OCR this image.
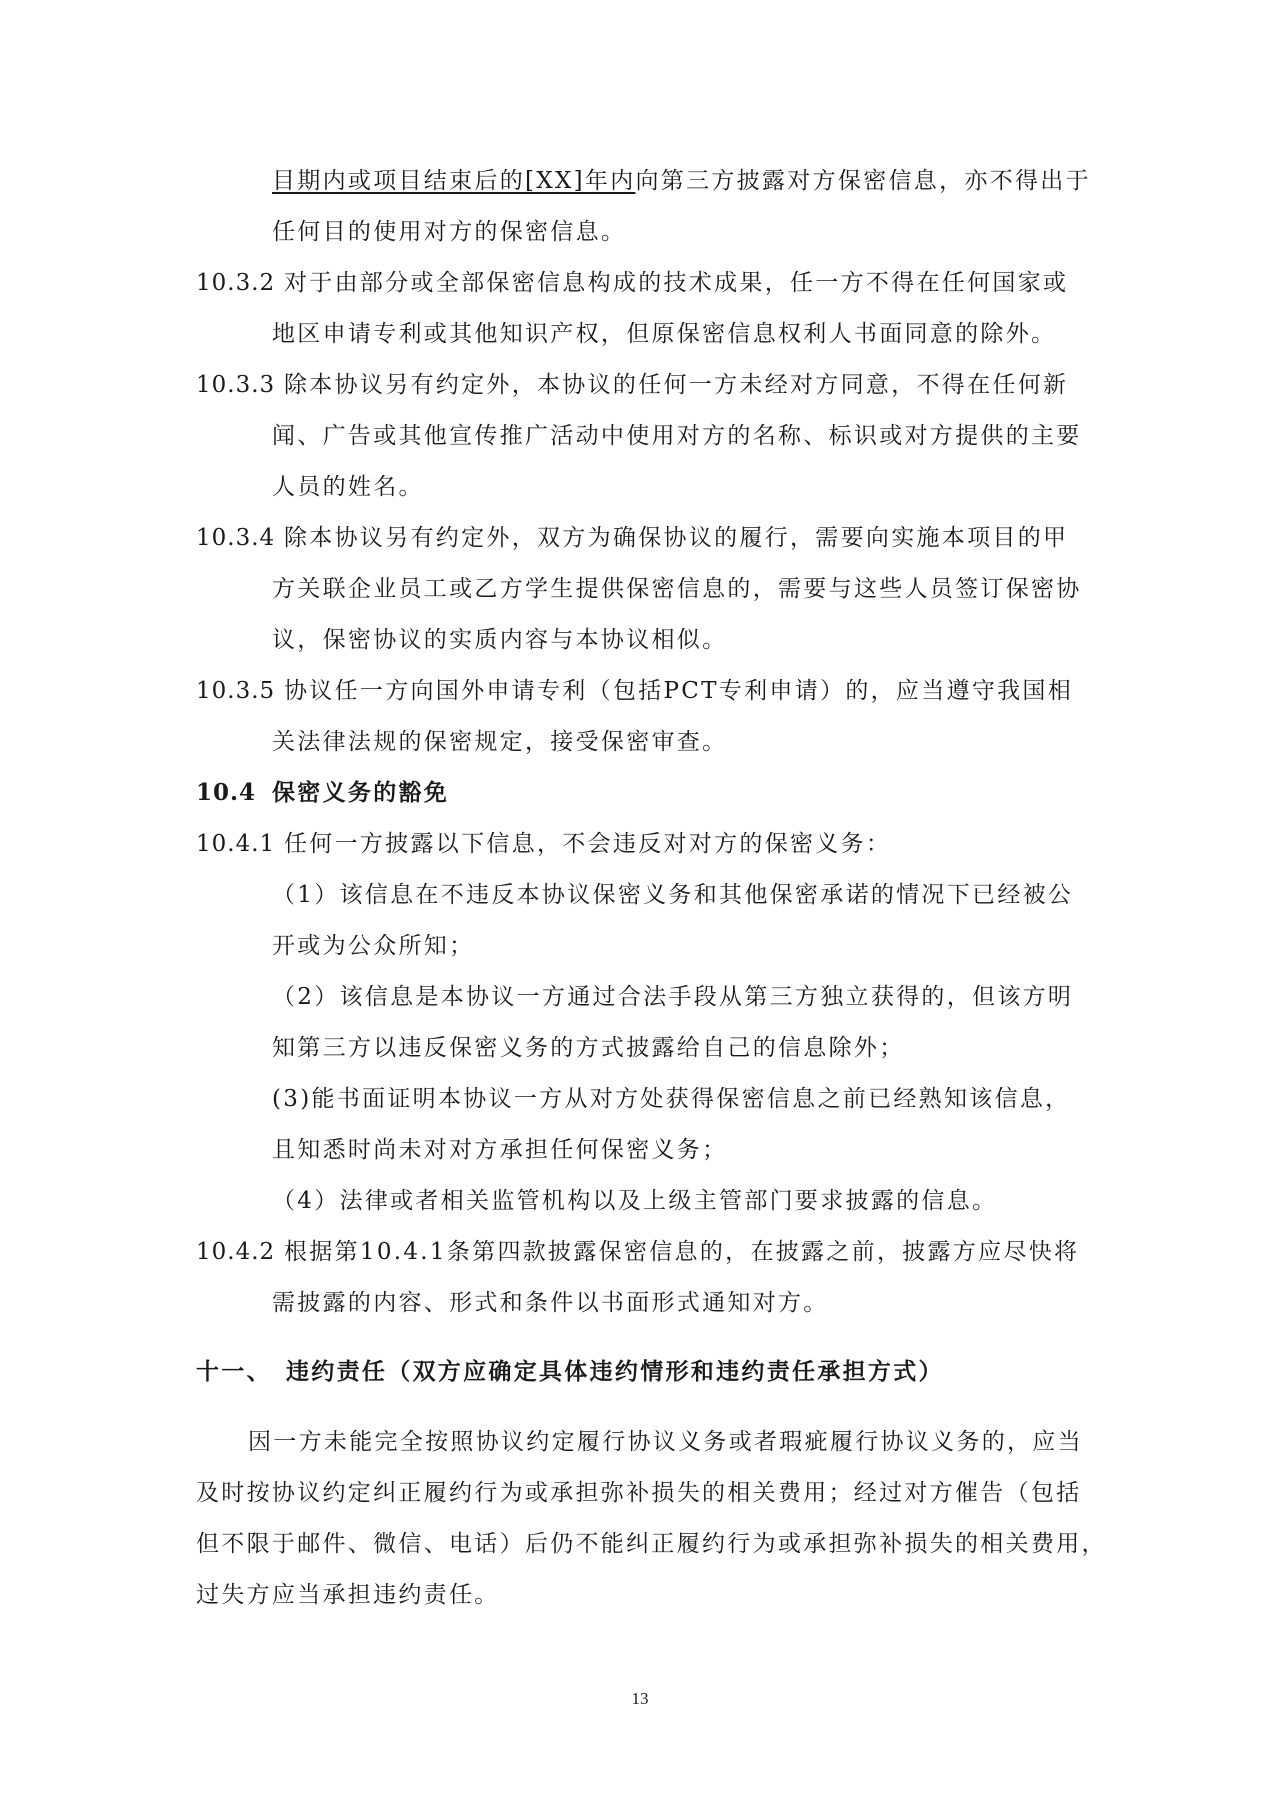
目期内或项目结束后的[XX]年内向第三方披露对方保密信息，亦不得出于
任何目的使用对方的保密信息。
10.3.2 对于由部分或全部保密信息构成的技术成果，任一方不得在任何国家或
地区申请专利或其他知识产权，但原保密信息权利人书面同意的除外。
10.3.3 除本协议另有约定外，本协议的任何一方未经对方同意，不得在任何新
闻、广告或其他宣传推广活动中使用对方的名称、标识或对方提供的主要
人员的姓名。
10.3.4 除本协议另有约定外，双方为确保协议的履行，需要向实施本项目的甲
方关联企业员工或乙方学生提供保密信息的，需要与这些人员签订保密协
议，保密协议的实质内容与本协议相似。
10.3.5 协议任一方向国外申请专利（包括PCT专利申请）的，应当遵守我国相
关法律法规的保密规定，接受保密审查。
10.4 保密义务的豁免
10.4.1 任何一方披露以下信息，不会违反对对方的保密义务：
（1）该信息在不违反本协议保密义务和其他保密承诺的情况下已经被公
开或为公众所知；
（2）该信息是本协议一方通过合法手段从第三方独立获得的，但该方明
知第三方以违反保密义务的方式披露给自己的信息除外；
(3)能书面证明本协议一方从对方处获得保密信息之前已经熟知该信息，
且知悉时尚未对对方承担任何保密义务；
（4）法律或者相关监管机构以及上级主管部门要求披露的信息。
10.4.2 根据第10.4.1条第四款披露保密信息的，在披露之前，披露方应尽快将
需披露的内容、形式和条件以书面形式通知对方。
十一、 违约责任（双方应确定具体违约情形和违约责任承担方式）
因一方未能完全按照协议约定履行协议义务或者瑕疵履行协议义务的，应当
及时按协议约定纠正履约行为或承担弥补损失的相关费用；经过对方催告（包括
但不限于邮件、微信、电话）后仍不能纠正履约行为或承担弥补损失的相关费用，
过失方应当承担违约责任。
13
